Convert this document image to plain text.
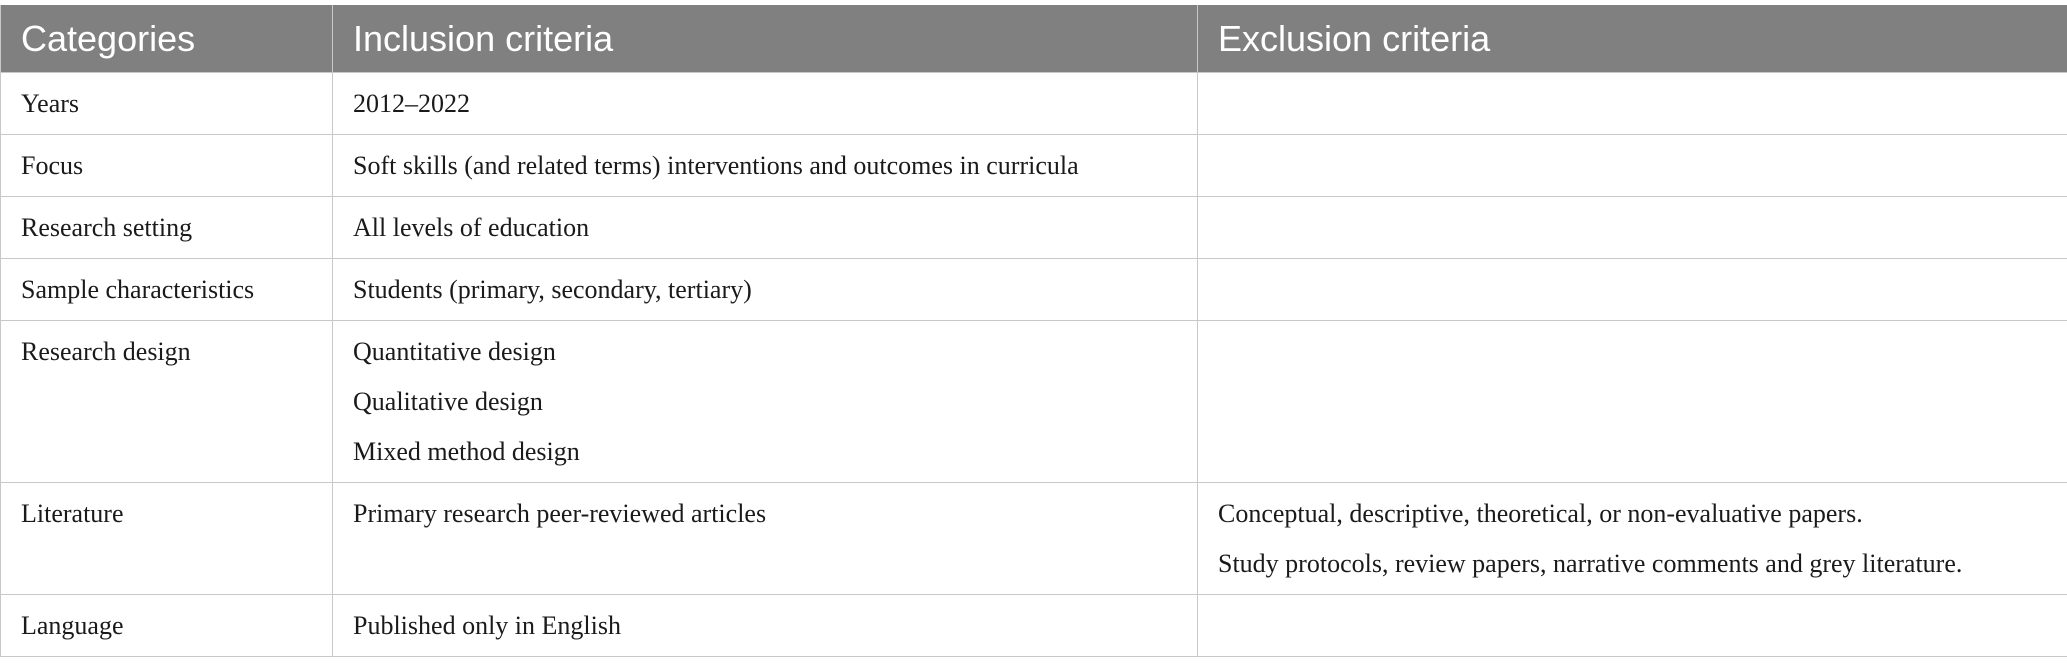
Categories	Inclusion criteria	Exclusion criteria
Years	2012–2022	

Focus	Soft skills (and related terms) interventions and outcomes in curricula	

Research setting	All levels of education	

Sample characteristics	Students (primary, secondary, tertiary)	

Research design	Quantitative design
Qualitative design
Mixed method design	

Literature	Primary research peer-reviewed articles	Conceptual, descriptive, theoretical, or non-evaluative papers.
Study protocols, review papers, narrative comments and grey literature.

Language	Published only in English	
